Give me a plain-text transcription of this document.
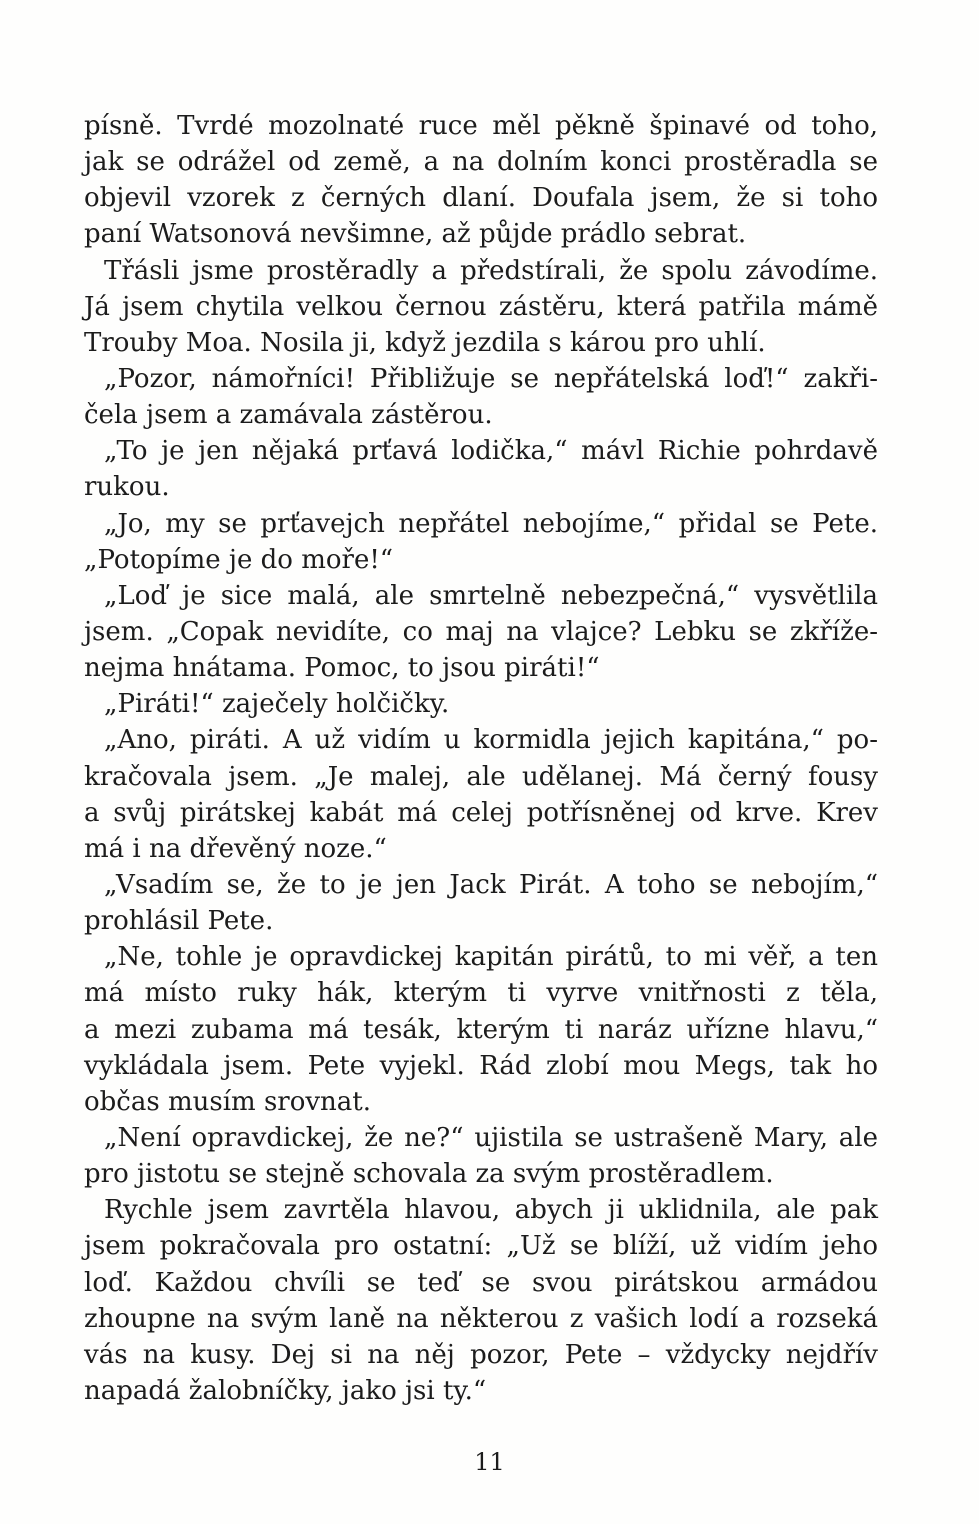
písně. Tvrdé mozolnaté ruce měl pěkně špinavé od toho,
jak se odrážel od země, a na dolním konci prostěradla se
objevil vzorek z černých dlaní. Doufala jsem, že si toho
paní Watsonová nevšimne, až půjde prádlo sebrat.
Třásli jsme prostěradly a předstírali, že spolu závodíme.
Já jsem chytila velkou černou zástěru, která patřila mámě
Trouby Moa. Nosila ji, když jezdila s károu pro uhlí.
„Pozor, námořníci! Přibližuje se nepřátelská loď!“ zakři-
čela jsem a zamávala zástěrou.
„To je jen nějaká prťavá lodička,“ mávl Richie pohrdavě
rukou.
„Jo, my se prťavejch nepřátel nebojíme,“ přidal se Pete.
„Potopíme je do moře!“
„Loď je sice malá, ale smrtelně nebezpečná,“ vysvětlila
jsem. „Copak nevidíte, co maj na vlajce? Lebku se zkříže-
nejma hnátama. Pomoc, to jsou piráti!“
„Piráti!“ zaječely holčičky.
„Ano, piráti. A už vidím u kormidla jejich kapitána,“ po-
kračovala jsem. „Je malej, ale udělanej. Má černý fousy
a svůj pirátskej kabát má celej potřísněnej od krve. Krev
má i na dřevěný noze.“
„Vsadím se, že to je jen Jack Pirát. A toho se nebojím,“
prohlásil Pete.
„Ne, tohle je opravdickej kapitán pirátů, to mi věř, a ten
má místo ruky hák, kterým ti vyrve vnitřnosti z těla,
a mezi zubama má tesák, kterým ti naráz uřízne hlavu,“
vykládala jsem. Pete vyjekl. Rád zlobí mou Megs, tak ho
občas musím srovnat.
„Není opravdickej, že ne?“ ujistila se ustrašeně Mary, ale
pro jistotu se stejně schovala za svým prostěradlem.
Rychle jsem zavrtěla hlavou, abych ji uklidnila, ale pak
jsem pokračovala pro ostatní: „Už se blíží, už vidím jeho
loď. Každou chvíli se teď se svou pirátskou armádou
zhoupne na svým laně na některou z vašich lodí a rozseká
vás na kusy. Dej si na něj pozor, Pete – vždycky nejdřív
napadá žalobníčky, jako jsi ty.“
11
